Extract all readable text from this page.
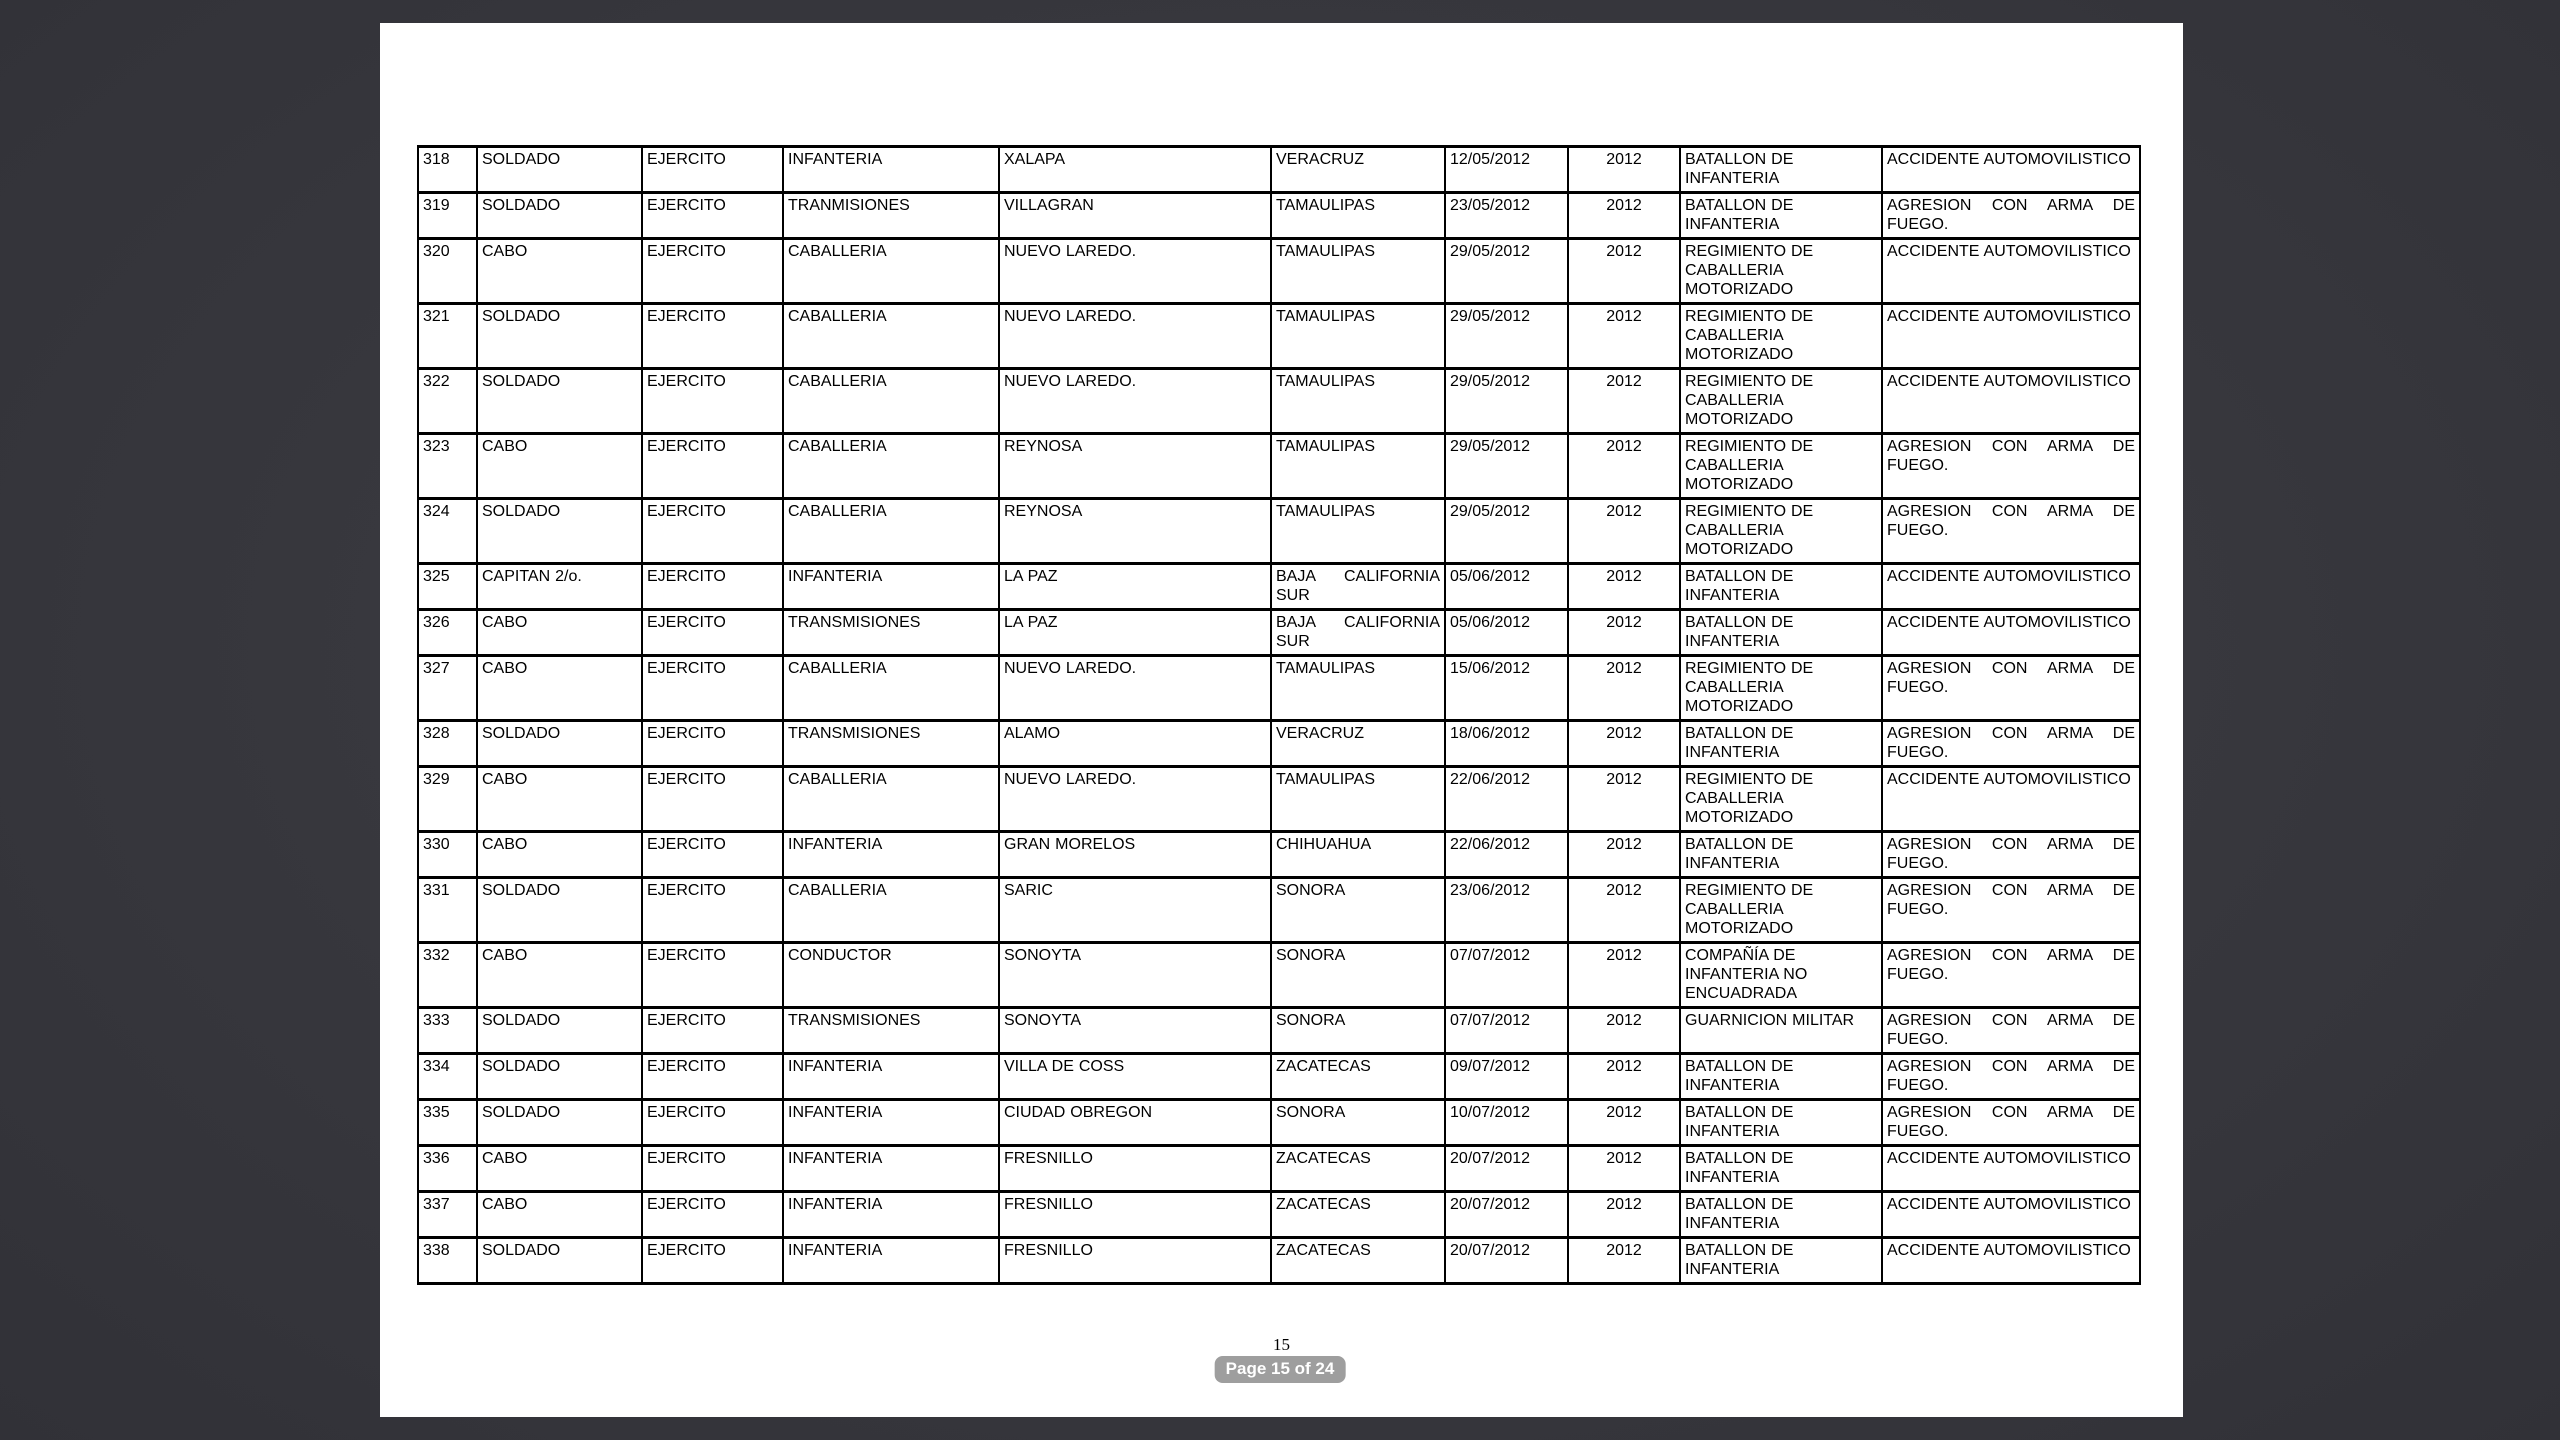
318	SOLDADO	EJERCITO	INFANTERIA	XALAPA	VERACRUZ	12/05/2012	2012	BATALLON DE INFANTERIA	ACCIDENTE AUTOMOVILISTICO
319	SOLDADO	EJERCITO	TRANMISIONES	VILLAGRAN	TAMAULIPAS	23/05/2012	2012	BATALLON DE INFANTERIA	AGRESION CON ARMA DE FUEGO.
320	CABO	EJERCITO	CABALLERIA	NUEVO LAREDO.	TAMAULIPAS	29/05/2012	2012	REGIMIENTO DE CABALLERIA MOTORIZADO	ACCIDENTE AUTOMOVILISTICO
321	SOLDADO	EJERCITO	CABALLERIA	NUEVO LAREDO.	TAMAULIPAS	29/05/2012	2012	REGIMIENTO DE CABALLERIA MOTORIZADO	ACCIDENTE AUTOMOVILISTICO
322	SOLDADO	EJERCITO	CABALLERIA	NUEVO LAREDO.	TAMAULIPAS	29/05/2012	2012	REGIMIENTO DE CABALLERIA MOTORIZADO	ACCIDENTE AUTOMOVILISTICO
323	CABO	EJERCITO	CABALLERIA	REYNOSA	TAMAULIPAS	29/05/2012	2012	REGIMIENTO DE CABALLERIA MOTORIZADO	AGRESION CON ARMA DE FUEGO.
324	SOLDADO	EJERCITO	CABALLERIA	REYNOSA	TAMAULIPAS	29/05/2012	2012	REGIMIENTO DE CABALLERIA MOTORIZADO	AGRESION CON ARMA DE FUEGO.
325	CAPITAN 2/o.	EJERCITO	INFANTERIA	LA PAZ	BAJA CALIFORNIA SUR	05/06/2012	2012	BATALLON DE INFANTERIA	ACCIDENTE AUTOMOVILISTICO
326	CABO	EJERCITO	TRANSMISIONES	LA PAZ	BAJA CALIFORNIA SUR	05/06/2012	2012	BATALLON DE INFANTERIA	ACCIDENTE AUTOMOVILISTICO
327	CABO	EJERCITO	CABALLERIA	NUEVO LAREDO.	TAMAULIPAS	15/06/2012	2012	REGIMIENTO DE CABALLERIA MOTORIZADO	AGRESION CON ARMA DE FUEGO.
328	SOLDADO	EJERCITO	TRANSMISIONES	ALAMO	VERACRUZ	18/06/2012	2012	BATALLON DE INFANTERIA	AGRESION CON ARMA DE FUEGO.
329	CABO	EJERCITO	CABALLERIA	NUEVO LAREDO.	TAMAULIPAS	22/06/2012	2012	REGIMIENTO DE CABALLERIA MOTORIZADO	ACCIDENTE AUTOMOVILISTICO
330	CABO	EJERCITO	INFANTERIA	GRAN MORELOS	CHIHUAHUA	22/06/2012	2012	BATALLON DE INFANTERIA	AGRESION CON ARMA DE FUEGO.
331	SOLDADO	EJERCITO	CABALLERIA	SARIC	SONORA	23/06/2012	2012	REGIMIENTO DE CABALLERIA MOTORIZADO	AGRESION CON ARMA DE FUEGO.
332	CABO	EJERCITO	CONDUCTOR	SONOYTA	SONORA	07/07/2012	2012	COMPAÑÍA DE INFANTERIA NO ENCUADRADA	AGRESION CON ARMA DE FUEGO.
333	SOLDADO	EJERCITO	TRANSMISIONES	SONOYTA	SONORA	07/07/2012	2012	GUARNICION MILITAR	AGRESION CON ARMA DE FUEGO.
334	SOLDADO	EJERCITO	INFANTERIA	VILLA DE COSS	ZACATECAS	09/07/2012	2012	BATALLON DE INFANTERIA	AGRESION CON ARMA DE FUEGO.
335	SOLDADO	EJERCITO	INFANTERIA	CIUDAD OBREGON	SONORA	10/07/2012	2012	BATALLON DE INFANTERIA	AGRESION CON ARMA DE FUEGO.
336	CABO	EJERCITO	INFANTERIA	FRESNILLO	ZACATECAS	20/07/2012	2012	BATALLON DE INFANTERIA	ACCIDENTE AUTOMOVILISTICO
337	CABO	EJERCITO	INFANTERIA	FRESNILLO	ZACATECAS	20/07/2012	2012	BATALLON DE INFANTERIA	ACCIDENTE AUTOMOVILISTICO
338	SOLDADO	EJERCITO	INFANTERIA	FRESNILLO	ZACATECAS	20/07/2012	2012	BATALLON DE INFANTERIA	ACCIDENTE AUTOMOVILISTICO
15
Page 15 of 24
